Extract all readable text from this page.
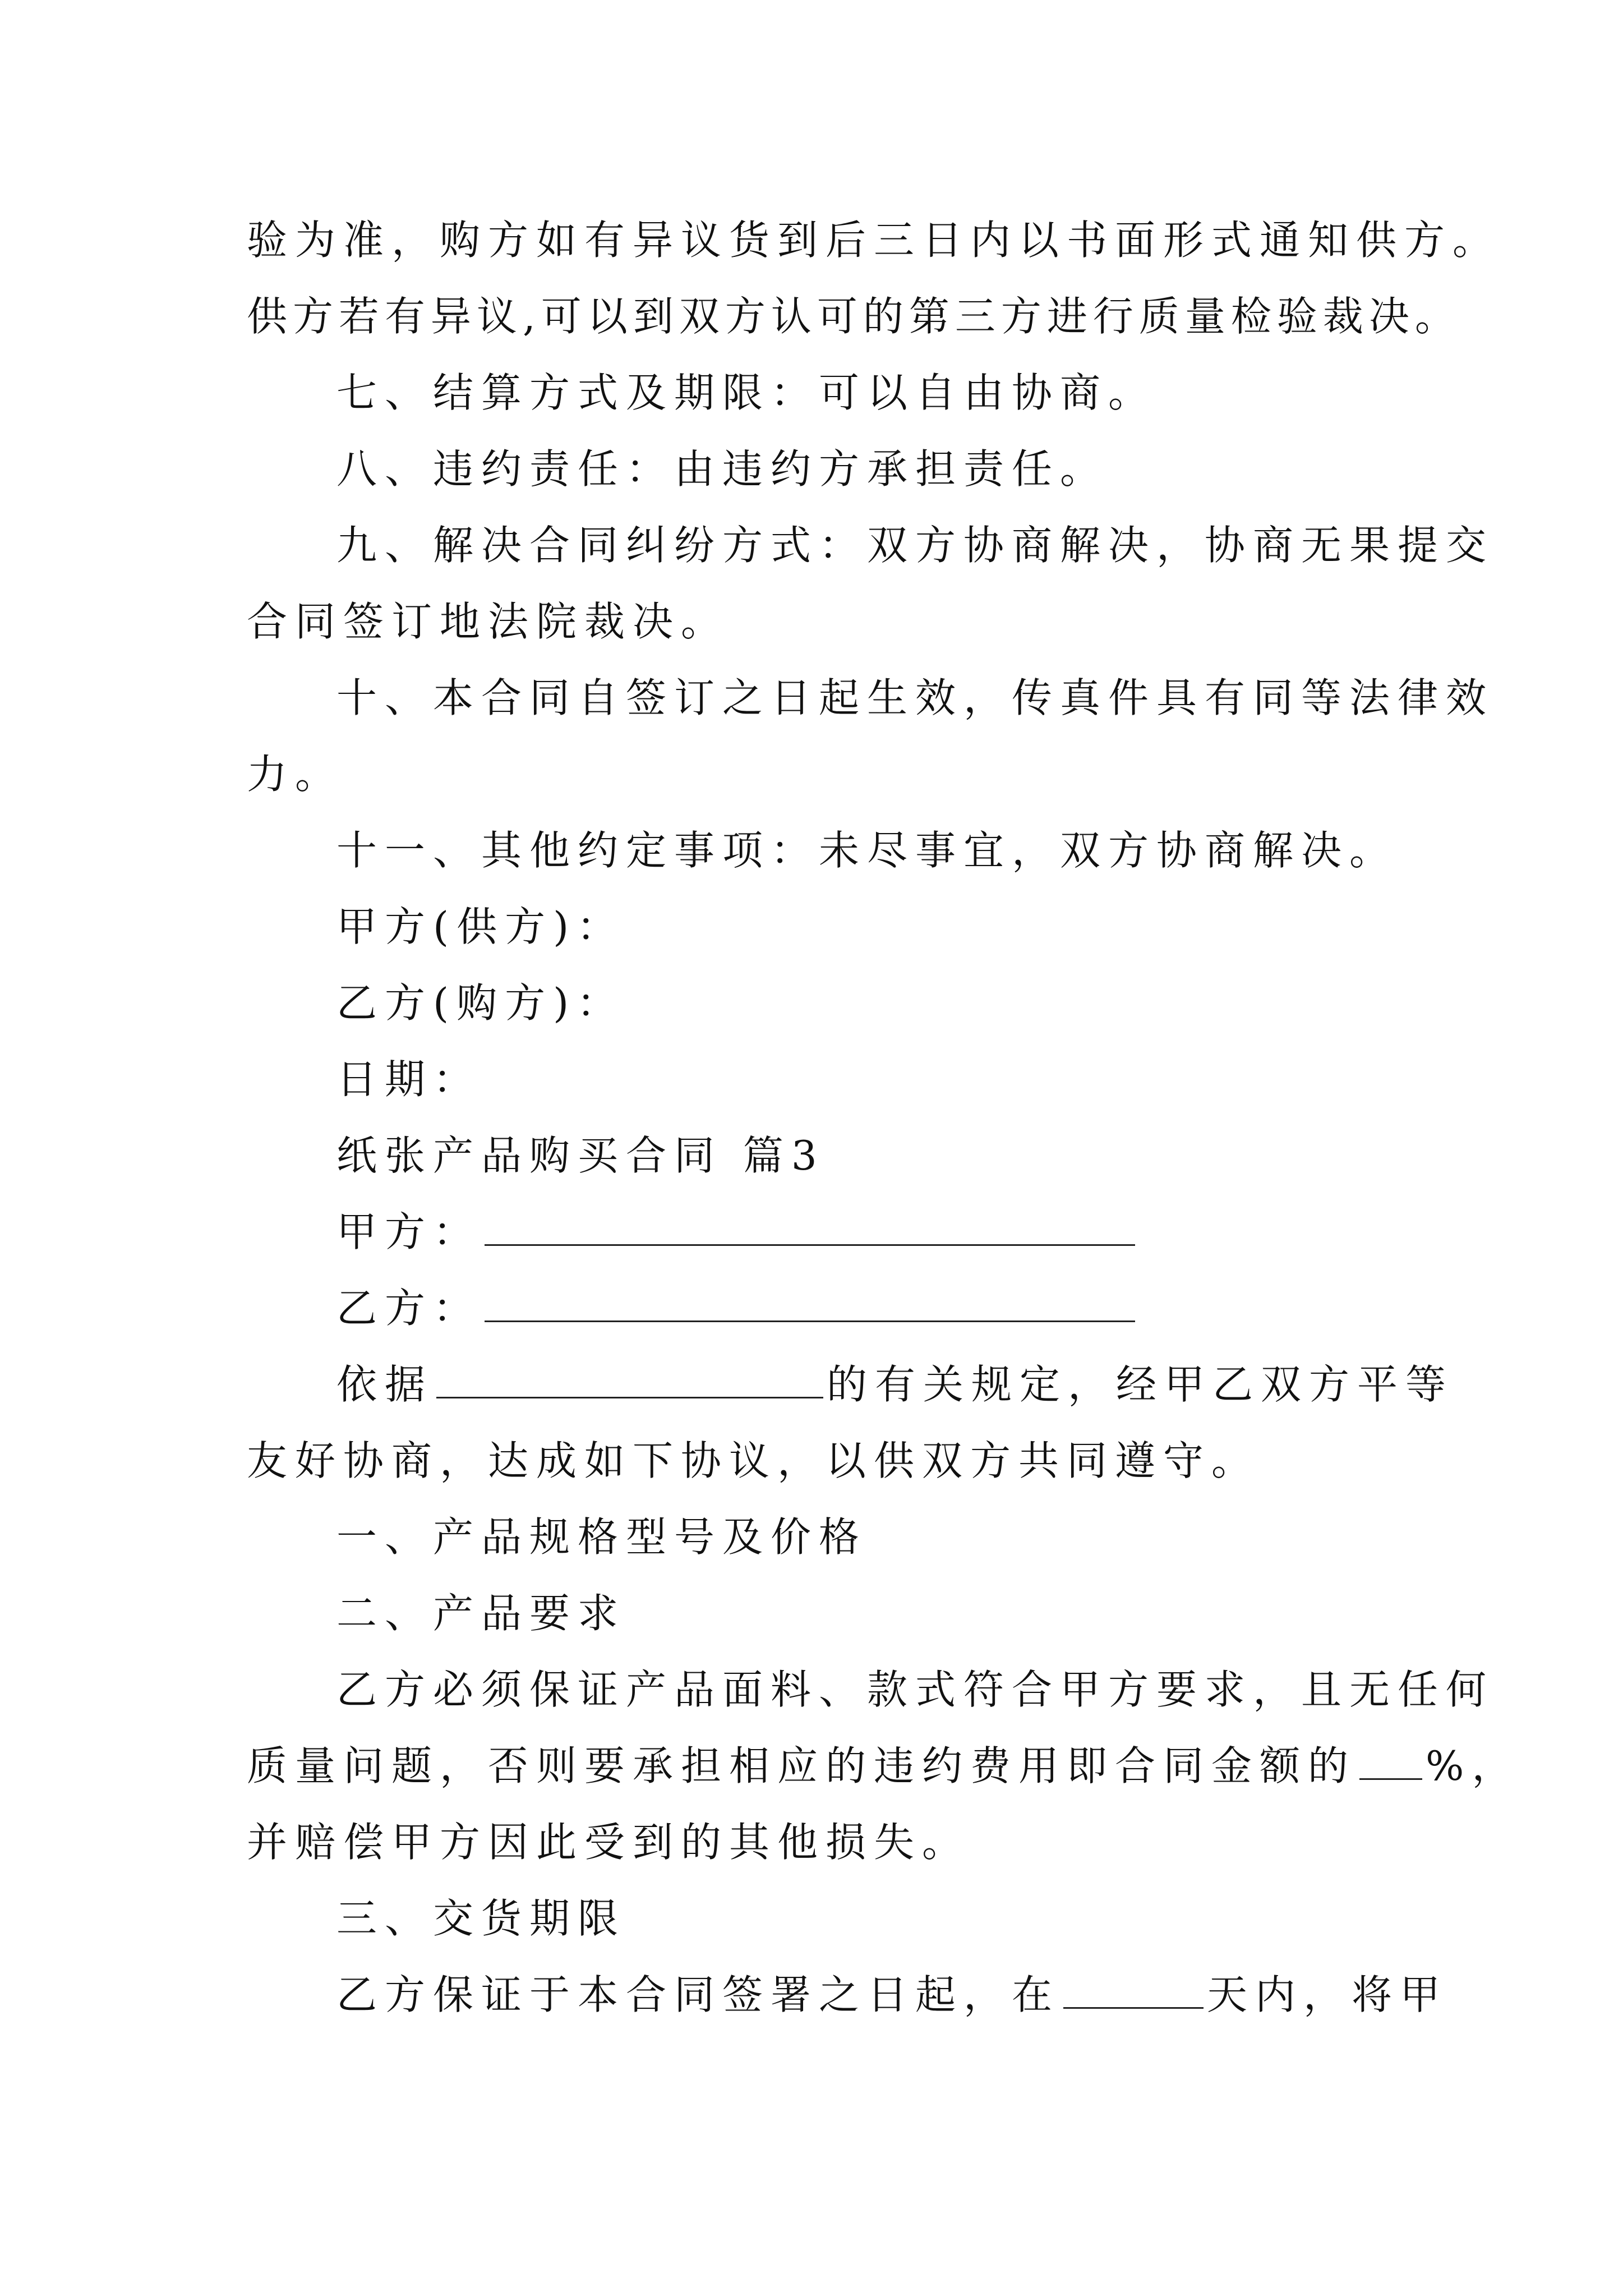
验为准，购方如有异议货到后三日内以书面形式通知供方。
供方若有异议,可以到双方认可的第三方进行质量检验裁决。
七、结算方式及期限：可以自由协商。
八、违约责任：由违约方承担责任。
九、解决合同纠纷方式：双方协商解决，协商无果提交
合同签订地法院裁决。
十、本合同自签订之日起生效，传真件具有同等法律效
力。
十一、其他约定事项：未尽事宜，双方协商解决。
甲方(供方)：
乙方(购方)：
日期：
纸张产品购买合同 篇3
甲方：
乙方：
依据	的有关规定，经甲乙双方平等
友好协商，达成如下协议，以供双方共同遵守。
一、产品规格型号及价格
二、产品要求
乙方必须保证产品面料、款式符合甲方要求，且无任何
质量问题，否则要承担相应的违约费用即合同金额的 %，
并赔偿甲方因此受到的其他损失。
三、交货期限
乙方保证于本合同签署之日起，在	天内，将甲
